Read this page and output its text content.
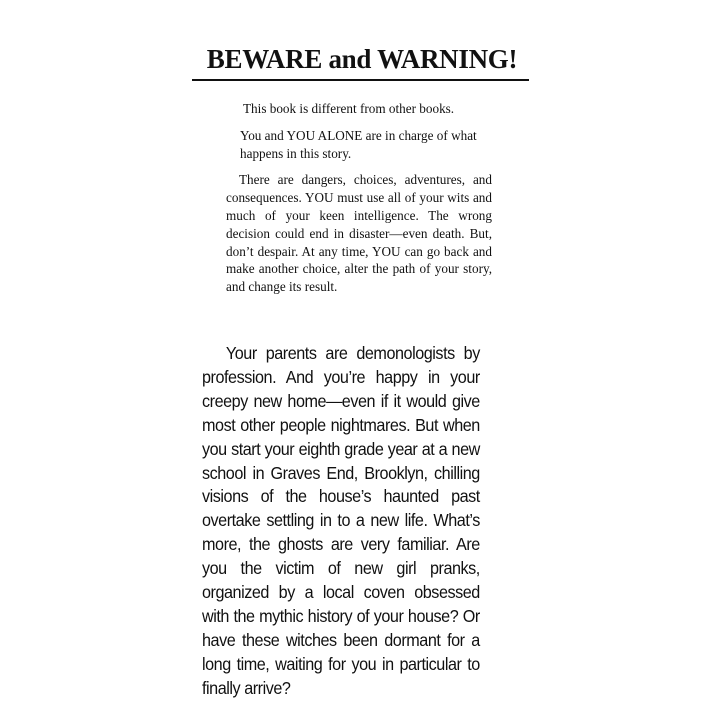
BEWARE and WARNING!

This book is different from other books.

You and YOU ALONE are in charge of what happens in this story.

There are dangers, choices, adventures, and consequences. YOU must use all of your wits and much of your keen intelligence. The wrong decision could end in disaster—even death. But, don’t despair. At any time, YOU can go back and make another choice, alter the path of your story, and change its result.

Your parents are demonologists by profession. And you’re happy in your creepy new home—even if it would give most other people nightmares. But when you start your eighth grade year at a new school in Graves End, Brooklyn, chilling visions of the house’s haunted past overtake settling in to a new life. What’s more, the ghosts are very familiar. Are you the victim of new girl pranks, organized by a local coven obsessed with the mythic history of your house? Or have these witches been dormant for a long time, waiting for you in particular to finally arrive?
